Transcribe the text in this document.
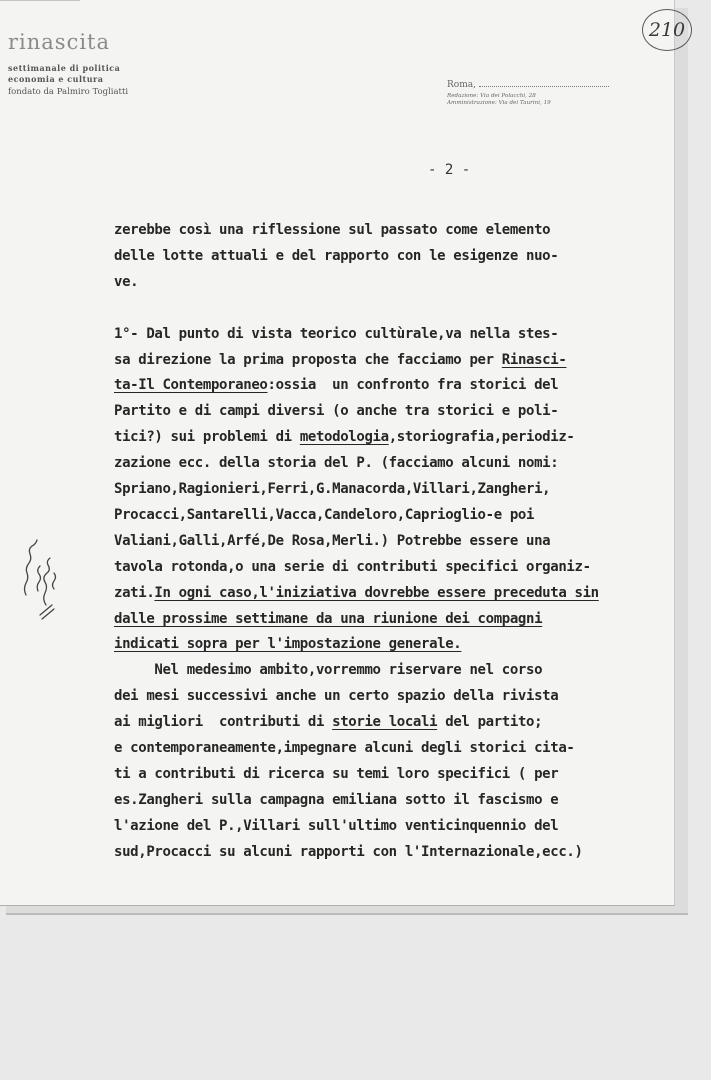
rinascita
settimanale di politica
economia e cultura
fondato da Palmiro Togliatti
Roma,
Redazione: Via dei Polacchi, 28
Amministrazione: Via dei Taurini, 19
210
- 2 -
zerebbe così una riflessione sul passato come elemento
delle lotte attuali e del rapporto con le esigenze nuo-
ve.
1°- Dal punto di vista teorico cultùrale,va nella stes-
sa direzione la prima proposta che facciamo per Rinasci-
ta-Il Contemporaneo:ossia  un confronto fra storici del
Partito e di campi diversi (o anche tra storici e poli-
tici?) sui problemi di metodologia,storiografia,periodiz-
zazione ecc. della storia del P. (facciamo alcuni nomi:
Spriano,Ragionieri,Ferri,G.Manacorda,Villari,Zangheri,
Procacci,Santarelli,Vacca,Candeloro,Caprioglio-e poi
Valiani,Galli,Arfé,De Rosa,Merli.) Potrebbe essere una
tavola rotonda,o una serie di contributi specifici organiz-
zati.In ogni caso,l'iniziativa dovrebbe essere preceduta sin
dalle prossime settimane da una riunione dei compagni
indicati sopra per l'impostazione generale.
Nel medesimo ambito,vorremmo riservare nel corso
dei mesi successivi anche un certo spazio della rivista
ai migliori  contributi di storie locali del partito;
e contemporaneamente,impegnare alcuni degli storici cita-
ti a contributi di ricerca su temi loro specifici ( per
es.Zangheri sulla campagna emiliana sotto il fascismo e
l'azione del P.,Villari sull'ultimo venticinquennio del
sud,Procacci su alcuni rapporti con l'Internazionale,ecc.)
